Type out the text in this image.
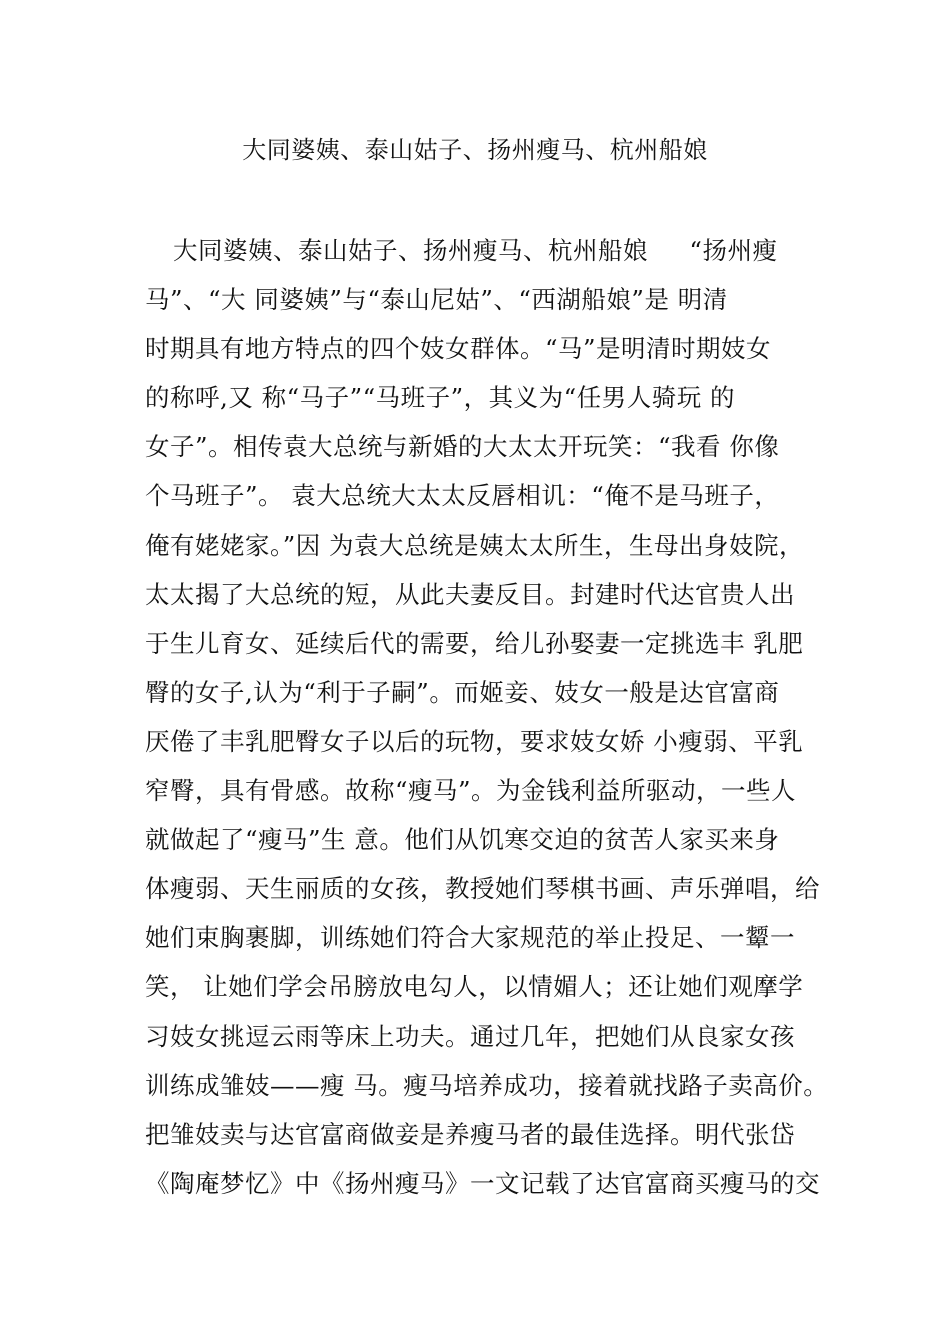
大同婆姨、泰山姑子、扬州瘦马、杭州船娘
大同婆姨、泰山姑子、扬州瘦马、杭州船娘     “扬州瘦
马”、“大 同婆姨”与“泰山尼姑”、“西湖船娘”是 明清
时期具有地方特点的四个妓女群体。“马”是明清时期妓女
的称呼,又 称“马子”“马班子”，其义为“任男人骑玩 的
女子”。相传袁大总统与新婚的大太太开玩笑：“我看 你像
个马班子”。 袁大总统大太太反唇相讥：“俺不是马班子，
俺有姥姥家。”因 为袁大总统是姨太太所生，生母出身妓院，
太太揭了大总统的短，从此夫妻反目。封建时代达官贵人出
于生儿育女、延续后代的需要，给儿孙娶妻一定挑选丰 乳肥
臀的女子,认为“利于子嗣”。而姬妾、妓女一般是达官富商
厌倦了丰乳肥臀女子以后的玩物，要求妓女娇 小瘦弱、平乳
窄臀，具有骨感。故称“瘦马”。为金钱利益所驱动，一些人
就做起了“瘦马”生 意。他们从饥寒交迫的贫苦人家买来身
体瘦弱、天生丽质的女孩，教授她们琴棋书画、声乐弹唱，给
她们束胸裹脚，训练她们符合大家规范的举止投足、一颦一
笑， 让她们学会吊膀放电勾人，以情媚人；还让她们观摩学
习妓女挑逗云雨等床上功夫。通过几年，把她们从良家女孩
训练成雏妓——瘦 马。瘦马培养成功，接着就找路子卖高价。
把雏妓卖与达官富商做妾是养瘦马者的最佳选择。明代张岱
《陶庵梦忆》中《扬州瘦马》一文记载了达官富商买瘦马的交
